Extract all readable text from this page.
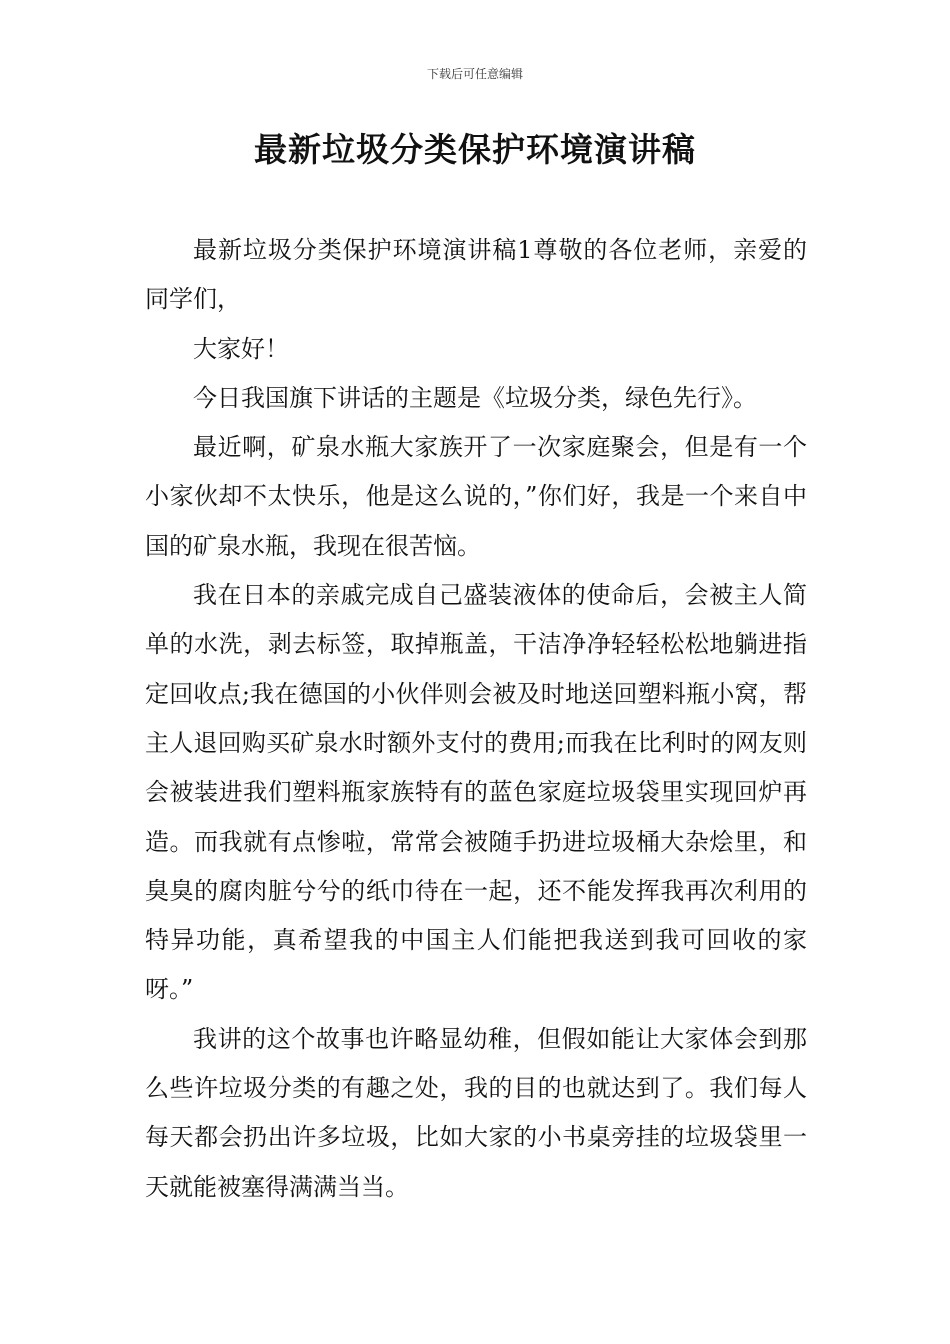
下载后可任意编辑
最新垃圾分类保护环境演讲稿

最新垃圾分类保护环境演讲稿1尊敬的各位老师，亲爱的同学们，

大家好！

今日我国旗下讲话的主题是《垃圾分类，绿色先行》。

最近啊，矿泉水瓶大家族开了一次家庭聚会，但是有一个小家伙却不太快乐，他是这么说的，”你们好，我是一个来自中国的矿泉水瓶，我现在很苦恼。

我在日本的亲戚完成自己盛装液体的使命后，会被主人简单的水洗，剥去标签，取掉瓶盖，干洁净净轻轻松松地躺进指定回收点;我在德国的小伙伴则会被及时地送回塑料瓶小窝，帮主人退回购买矿泉水时额外支付的费用;而我在比利时的网友则会被装进我们塑料瓶家族特有的蓝色家庭垃圾袋里实现回炉再造。而我就有点惨啦，常常会被随手扔进垃圾桶大杂烩里，和臭臭的腐肉脏兮兮的纸巾待在一起，还不能发挥我再次利用的特异功能，真希望我的中国主人们能把我送到我可回收的家呀。”

我讲的这个故事也许略显幼稚，但假如能让大家体会到那么些许垃圾分类的有趣之处，我的目的也就达到了。我们每人每天都会扔出许多垃圾，比如大家的小书桌旁挂的垃圾袋里一天就能被塞得满满当当。
